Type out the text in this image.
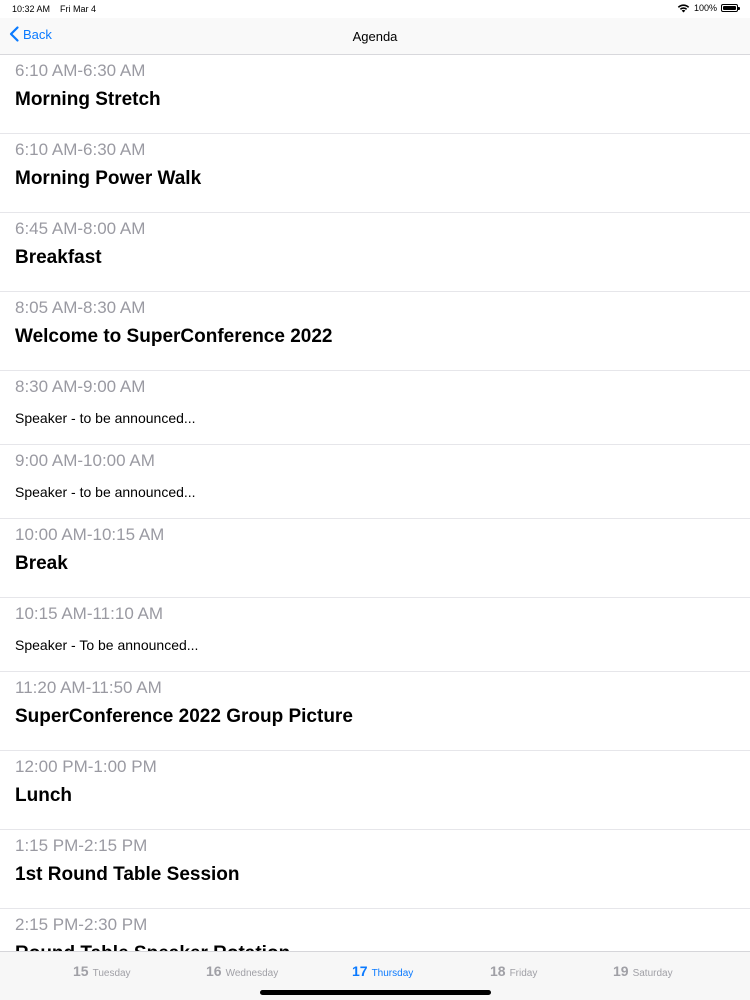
10:32 AM Fri Mar 4	100%
Back	Agenda
6:10 AM-6:30 AM
Morning Stretch
6:10 AM-6:30 AM
Morning Power Walk
6:45 AM-8:00 AM
Breakfast
8:05 AM-8:30 AM
Welcome to SuperConference 2022
8:30 AM-9:00 AM
Speaker - to be announced...
9:00 AM-10:00 AM
Speaker - to be announced...
10:00 AM-10:15 AM
Break
10:15 AM-11:10 AM
Speaker - To be announced...
11:20 AM-11:50 AM
SuperConference 2022 Group Picture
12:00 PM-1:00 PM
Lunch
1:15 PM-2:15 PM
1st Round Table Session
2:15 PM-2:30 PM
15 Tuesday	16 Wednesday	17 Thursday	18 Friday	19 Saturday
